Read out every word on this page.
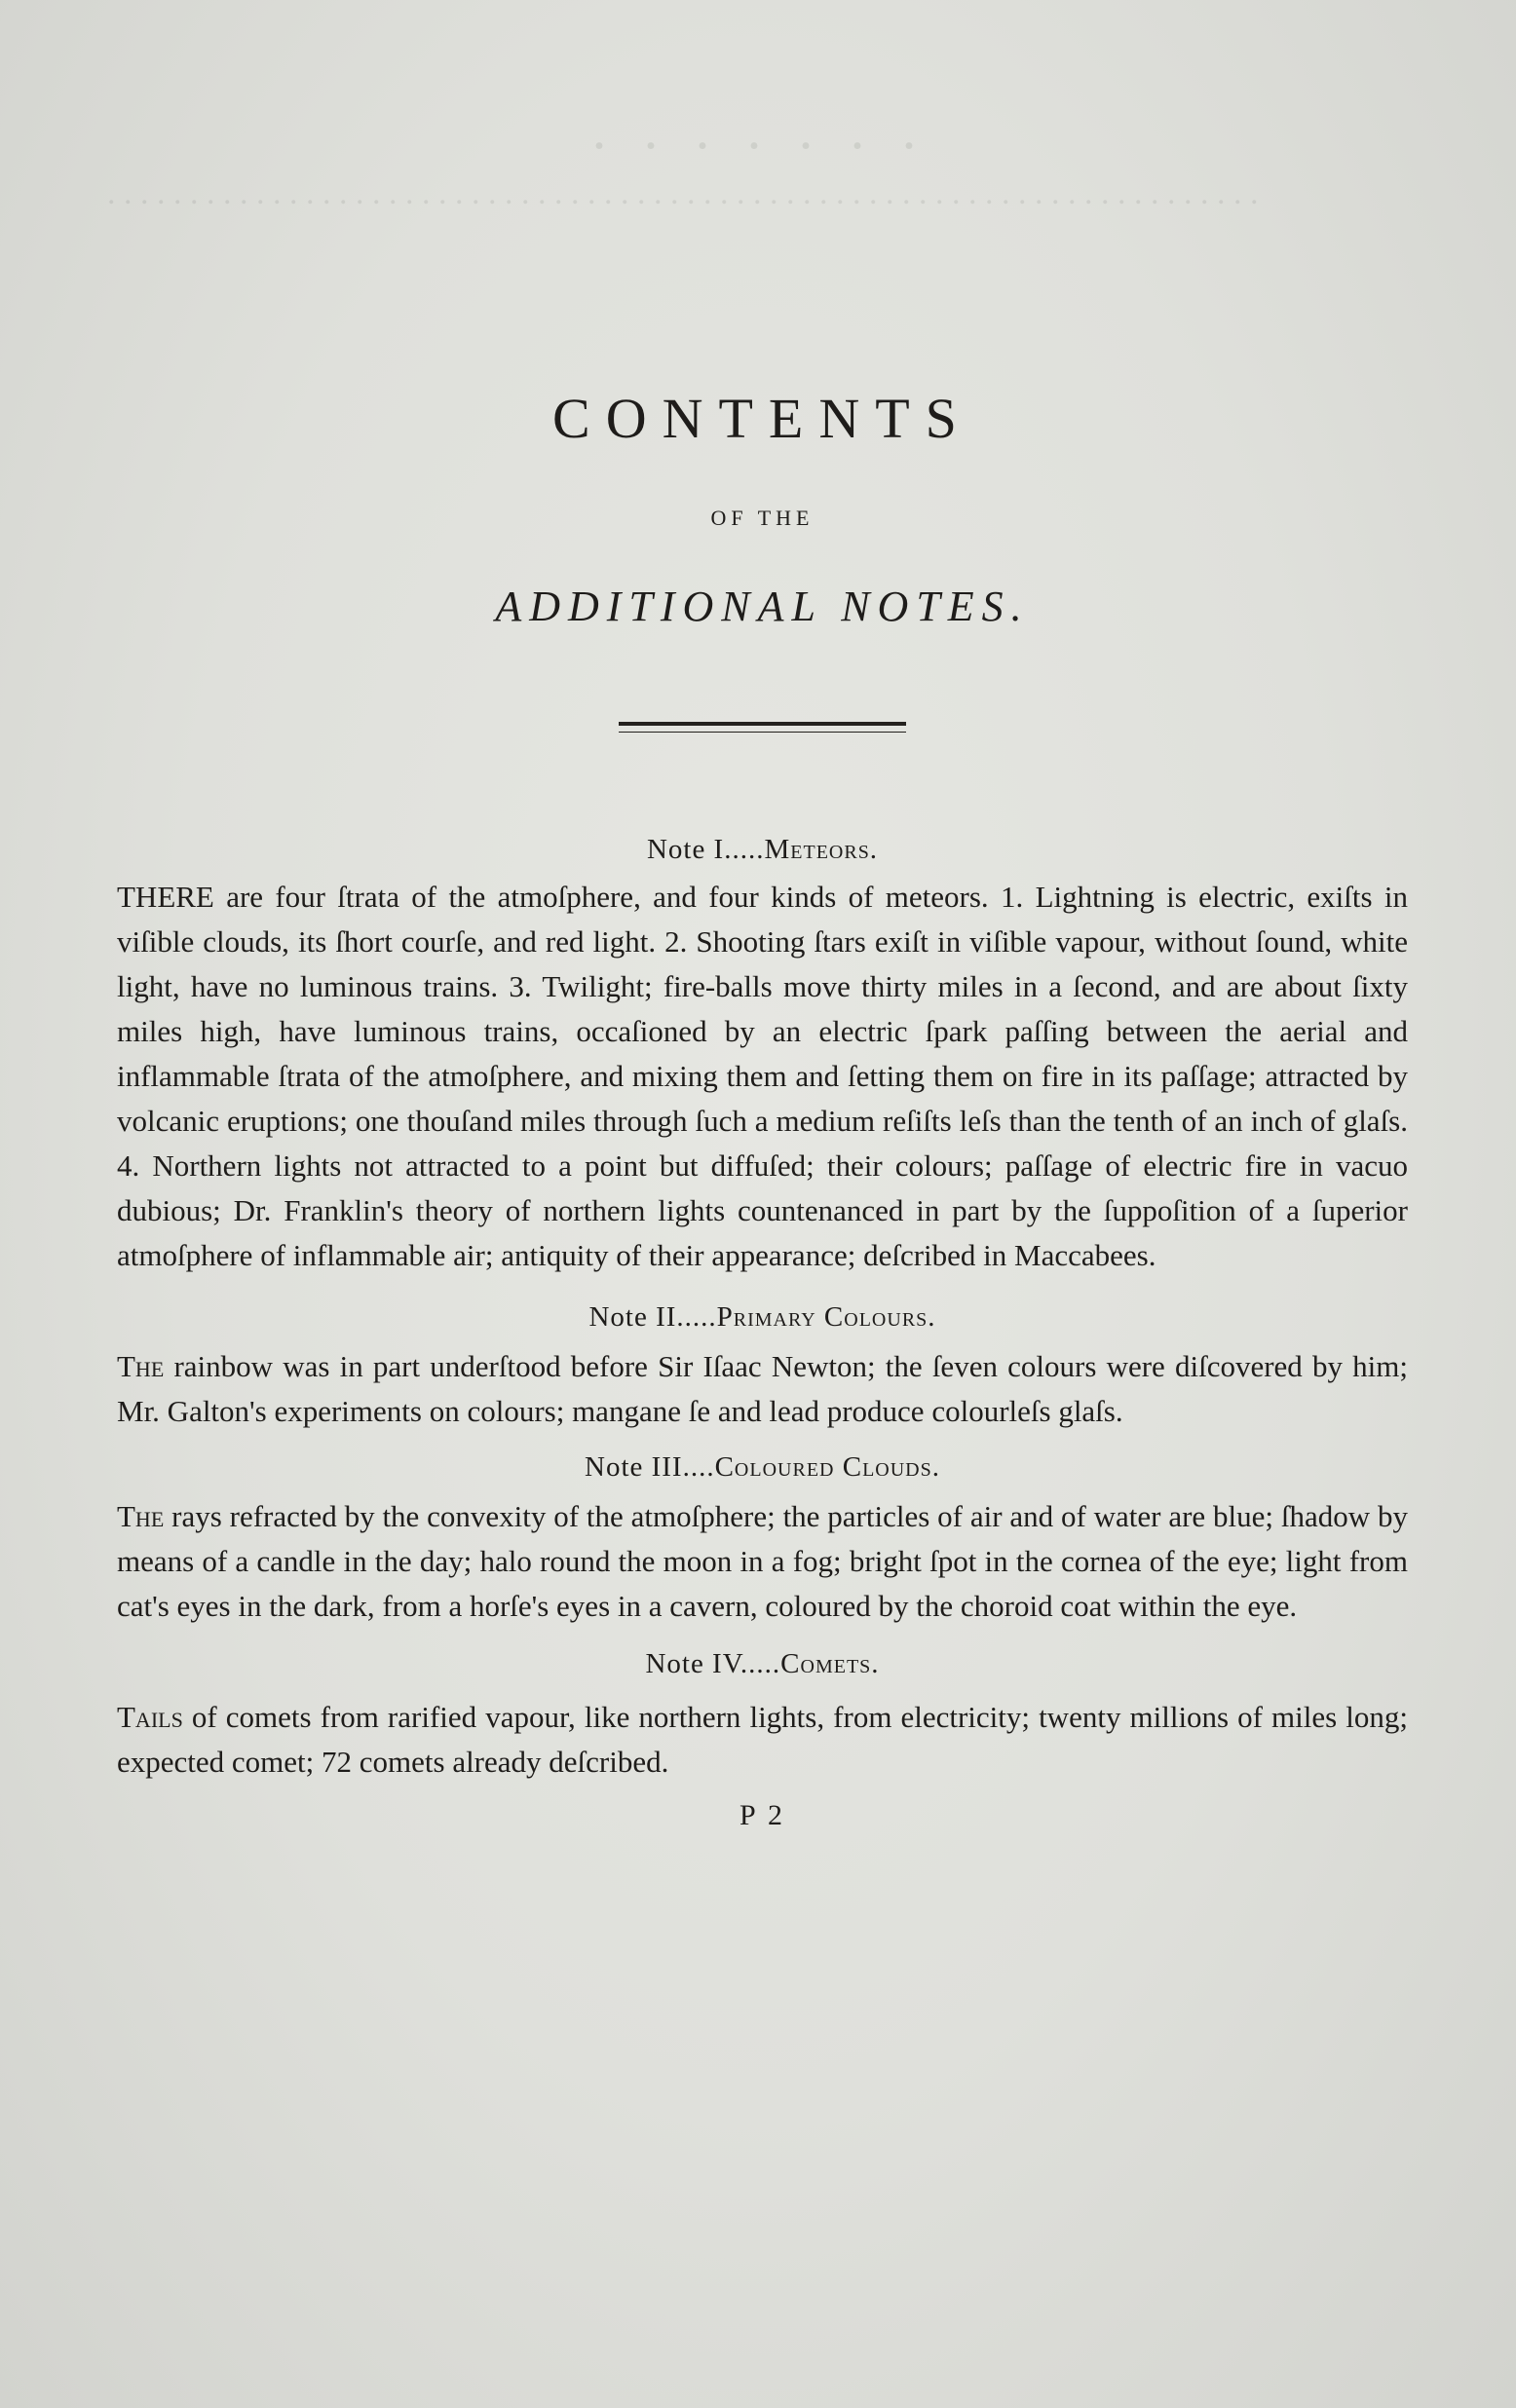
. . . . . . .
. . . . . . . . . . . . . . . . . . . . . . . . . . . . . . . . . . . . . . . . . . . . . . . . . . . . . . . . . . . . . . . . . . . . . .
CONTENTS
OF THE
ADDITIONAL NOTES.
Note I.....Meteors.

THERE are four ſtrata of the atmoſphere, and four kinds of meteors. 1. Lightning is electric, exiſts in viſible clouds, its ſhort courſe, and red light. 2. Shooting ſtars exiſt in viſible vapour, without ſound, white light, have no luminous trains. 3. Twilight; fire-balls move thirty miles in a ſecond, and are about ſixty miles high, have luminous trains, occaſioned by an electric ſpark paſſing between the aerial and inflammable ſtrata of the atmoſphere, and mixing them and ſetting them on fire in its paſſage; attracted by volcanic eruptions; one thouſand miles through ſuch a medium reſiſts leſs than the tenth of an inch of glaſs. 4. Northern lights not attracted to a point but diffuſed; their colours; paſſage of electric fire in vacuo dubious; Dr. Franklin's theory of northern lights countenanced in part by the ſuppoſition of a ſuperior atmoſphere of inflammable air; antiquity of their appearance; deſcribed in Maccabees.

Note II.....Primary Colours.

The rainbow was in part underſtood before Sir Iſaac Newton; the ſeven colours were diſcovered by him; Mr. Galton's experiments on colours; mangane ſe and lead produce colourleſs glaſs.

Note III....Coloured Clouds.

The rays refracted by the convexity of the atmoſphere; the particles of air and of water are blue; ſhadow by means of a candle in the day; halo round the moon in a fog; bright ſpot in the cornea of the eye; light from cat's eyes in the dark, from a horſe's eyes in a cavern, coloured by the choroid coat within the eye.

Note IV.....Comets.

Tails of comets from rarified vapour, like northern lights, from electricity; twenty millions of miles long; expected comet; 72 comets already deſcribed.

P 2
